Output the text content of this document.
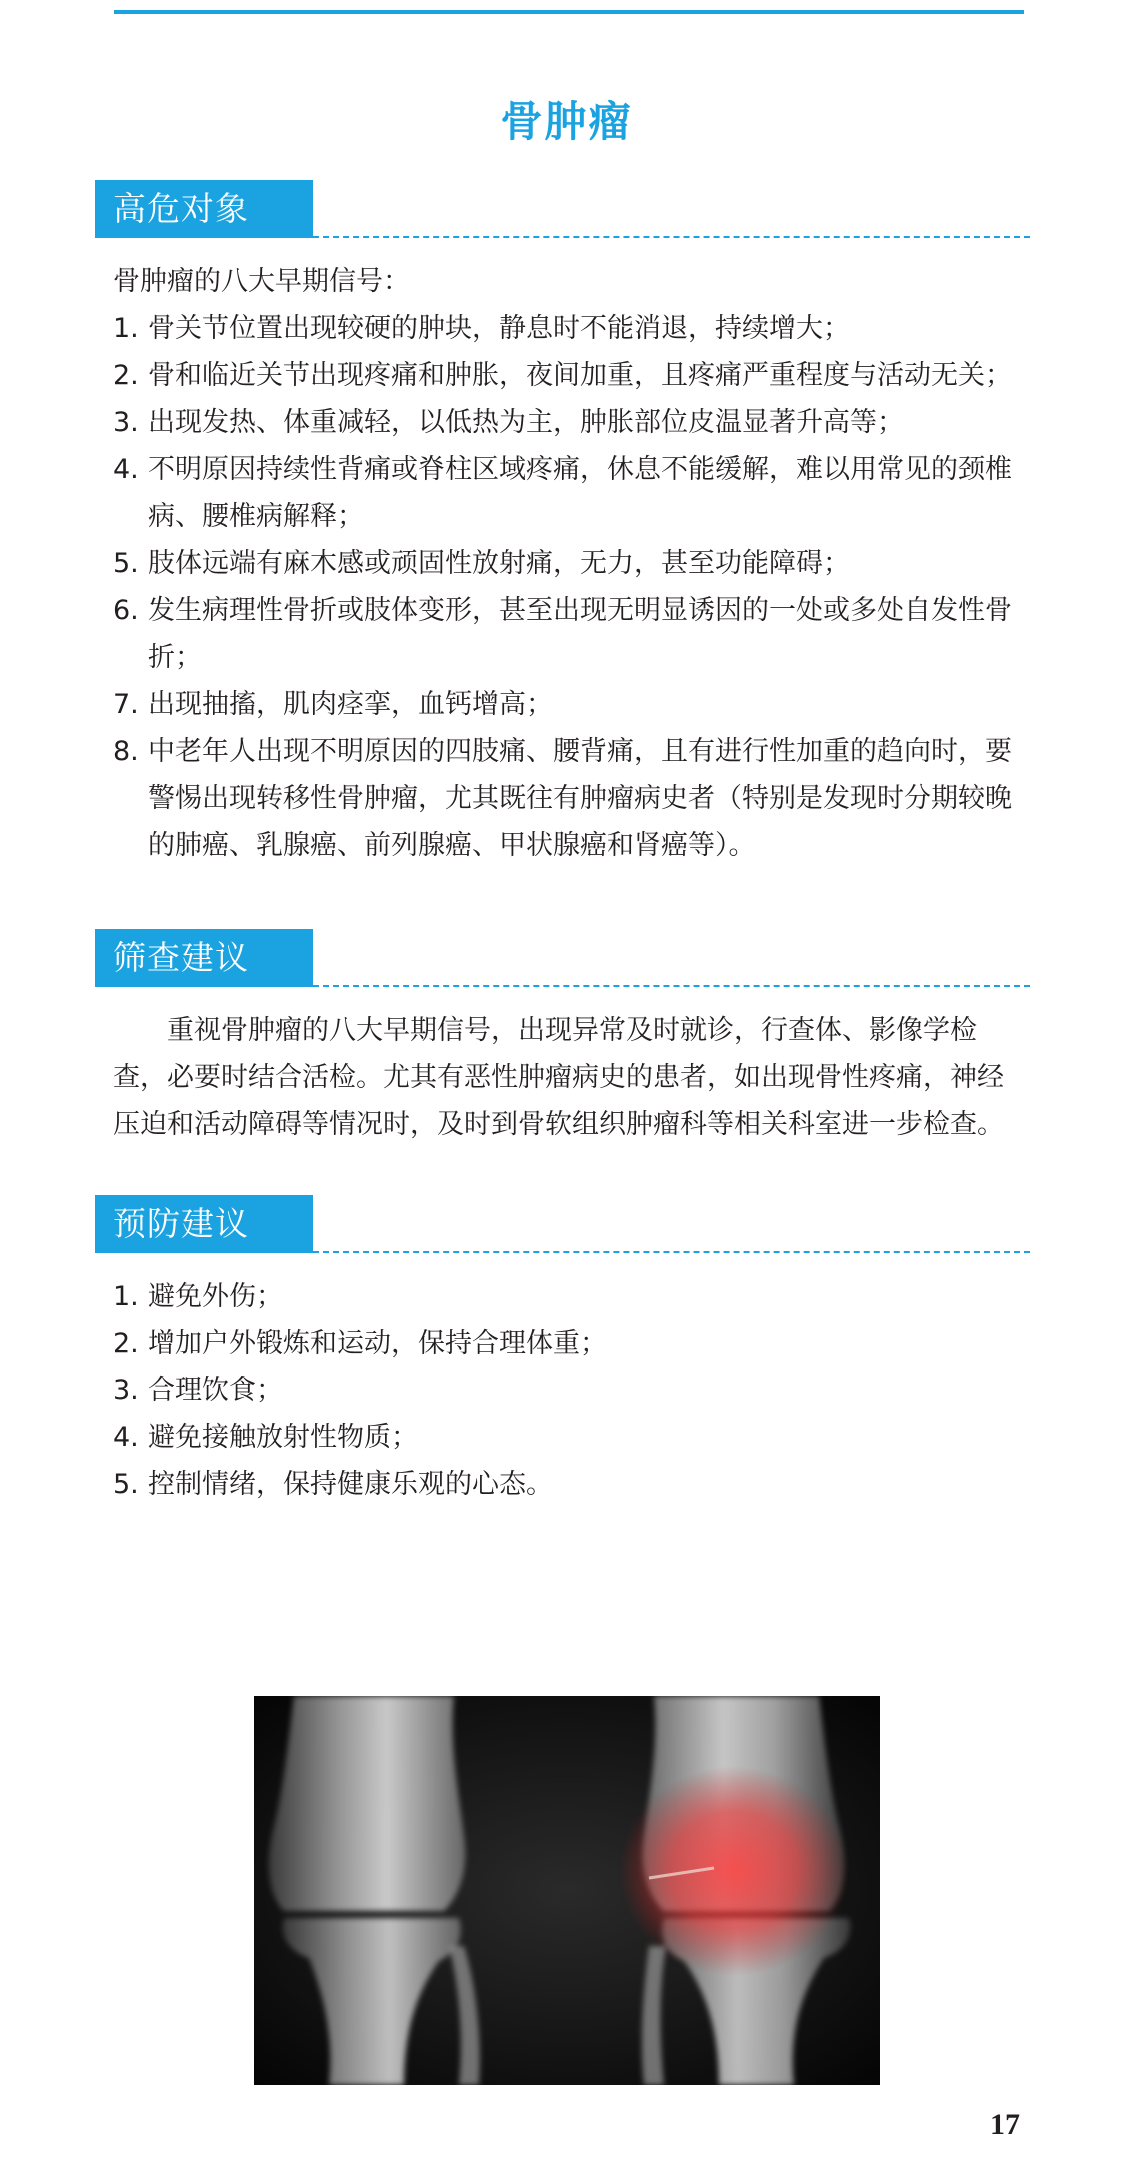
骨肿瘤
高危对象

骨肿瘤的八大早期信号：

1. 骨关节位置出现较硬的肿块，静息时不能消退，持续增大；
2. 骨和临近关节出现疼痛和肿胀，夜间加重，且疼痛严重程度与活动无关；
3. 出现发热、体重减轻，以低热为主，肿胀部位皮温显著升高等；
4. 不明原因持续性背痛或脊柱区域疼痛，休息不能缓解，难以用常见的颈椎病、腰椎病解释；
5. 肢体远端有麻木感或顽固性放射痛，无力，甚至功能障碍；
6. 发生病理性骨折或肢体变形，甚至出现无明显诱因的一处或多处自发性骨折；
7. 出现抽搐，肌肉痉挛，血钙增高；
8. 中老年人出现不明原因的四肢痛、腰背痛，且有进行性加重的趋向时，要警惕出现转移性骨肿瘤，尤其既往有肿瘤病史者（特别是发现时分期较晚的肺癌、乳腺癌、前列腺癌、甲状腺癌和肾癌等）。
筛查建议

重视骨肿瘤的八大早期信号，出现异常及时就诊，行查体、影像学检查，必要时结合活检。尤其有恶性肿瘤病史的患者，如出现骨性疼痛，神经压迫和活动障碍等情况时，及时到骨软组织肿瘤科等相关科室进一步检查。

预防建议
1. 避免外伤；
2. 增加户外锻炼和运动，保持合理体重；
3. 合理饮食；
4. 避免接触放射性物质；
5. 控制情绪，保持健康乐观的心态。
17
